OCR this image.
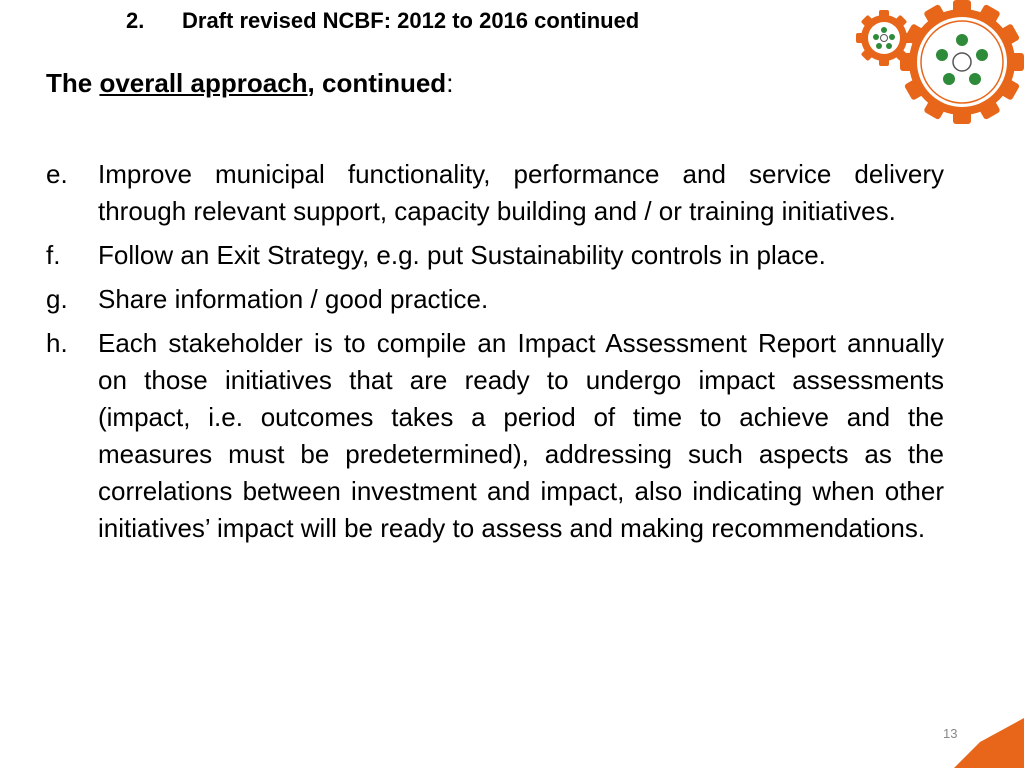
2. Draft revised NCBF: 2012 to 2016 continued
The overall approach, continued:
e. Improve municipal functionality, performance and service delivery through relevant support, capacity building and / or training initiatives.
f. Follow an Exit Strategy, e.g. put Sustainability controls in place.
g. Share information / good practice.
h. Each stakeholder is to compile an Impact Assessment Report annually on those initiatives that are ready to undergo impact assessments (impact, i.e. outcomes takes a period of time to achieve and the measures must be predetermined), addressing such aspects as the correlations between investment and impact, also indicating when other initiatives’ impact will be ready to assess and making recommendations.
13
